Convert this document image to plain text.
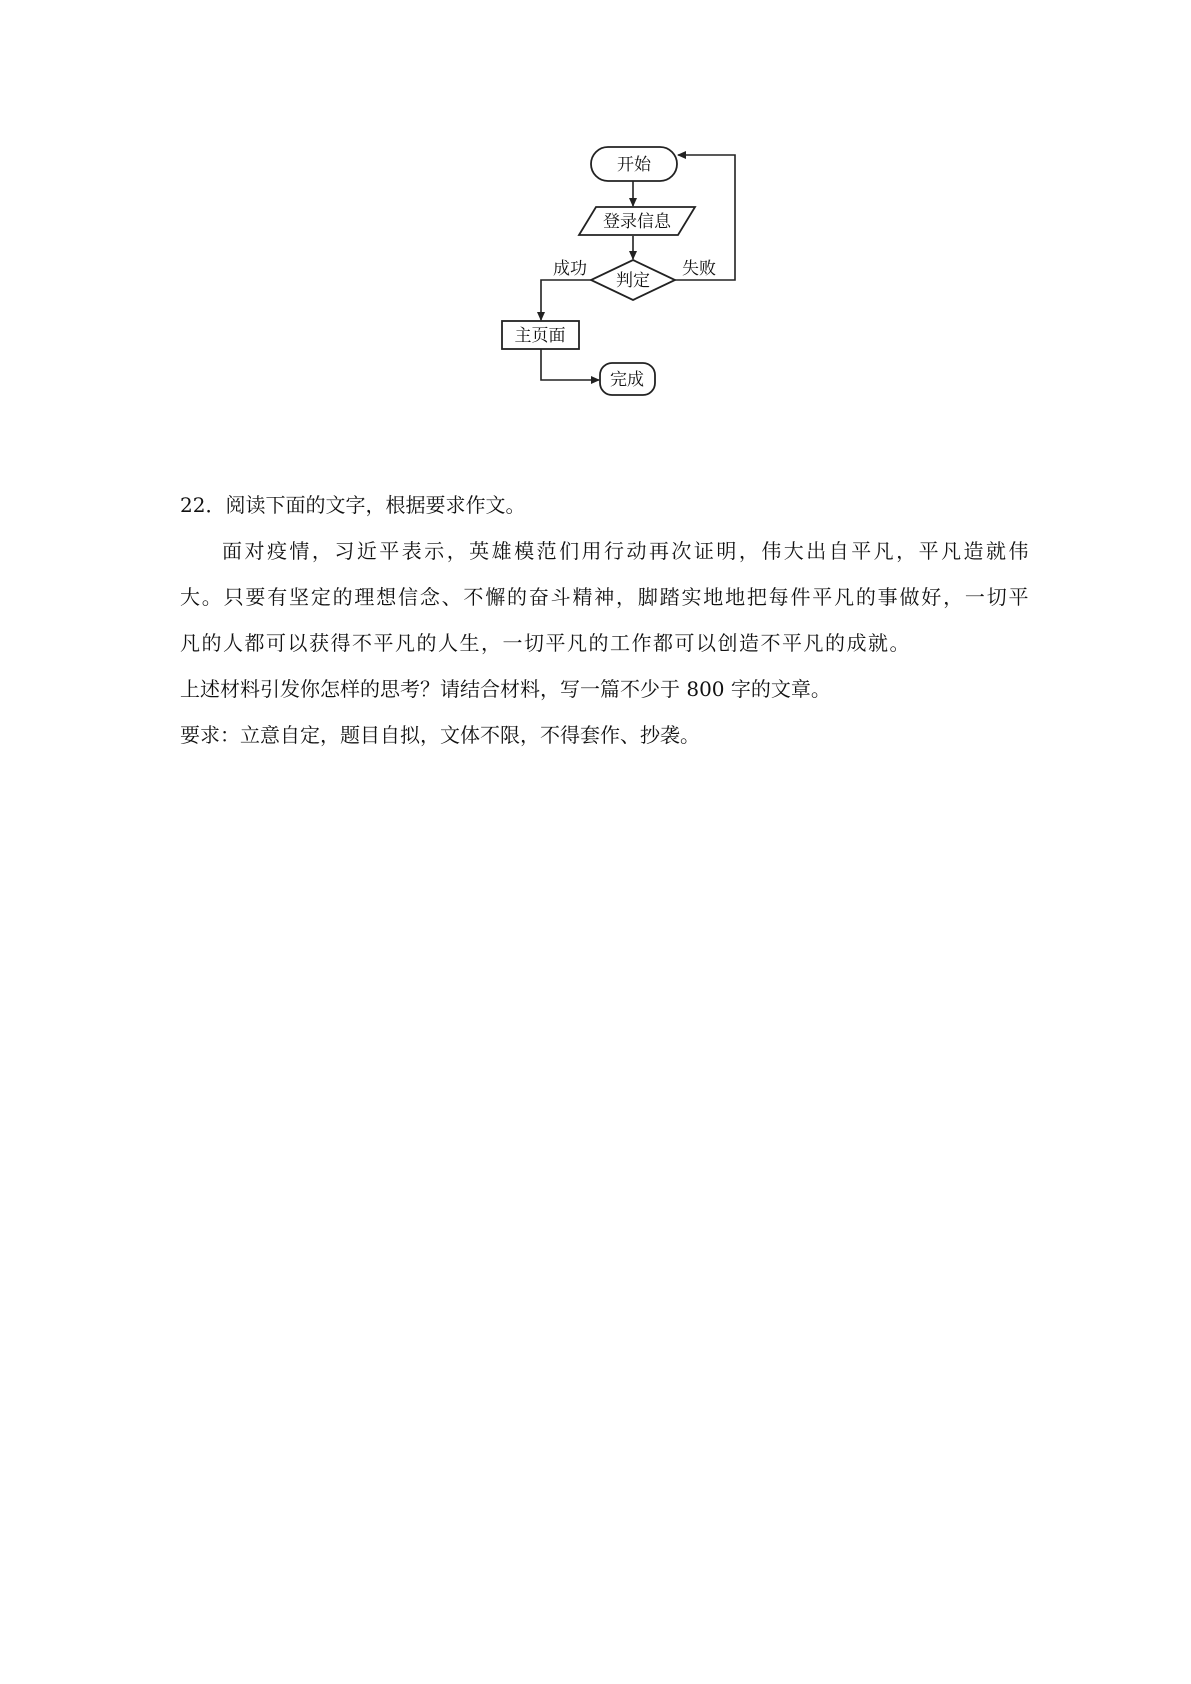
开始
登录信息
判定
成功	失败
主页面
完成

22．阅读下面的文字，根据要求作文。

面对疫情，习近平表示，英雄模范们用行动再次证明，伟大出自平凡，平凡造就伟大。只要有坚定的理想信念、不懈的奋斗精神，脚踏实地地把每件平凡的事做好，一切平凡的人都可以获得不平凡的人生，一切平凡的工作都可以创造不平凡的成就。

上述材料引发你怎样的思考？请结合材料，写一篇不少于 800 字的文章。

要求：立意自定，题目自拟，文体不限，不得套作、抄袭。
